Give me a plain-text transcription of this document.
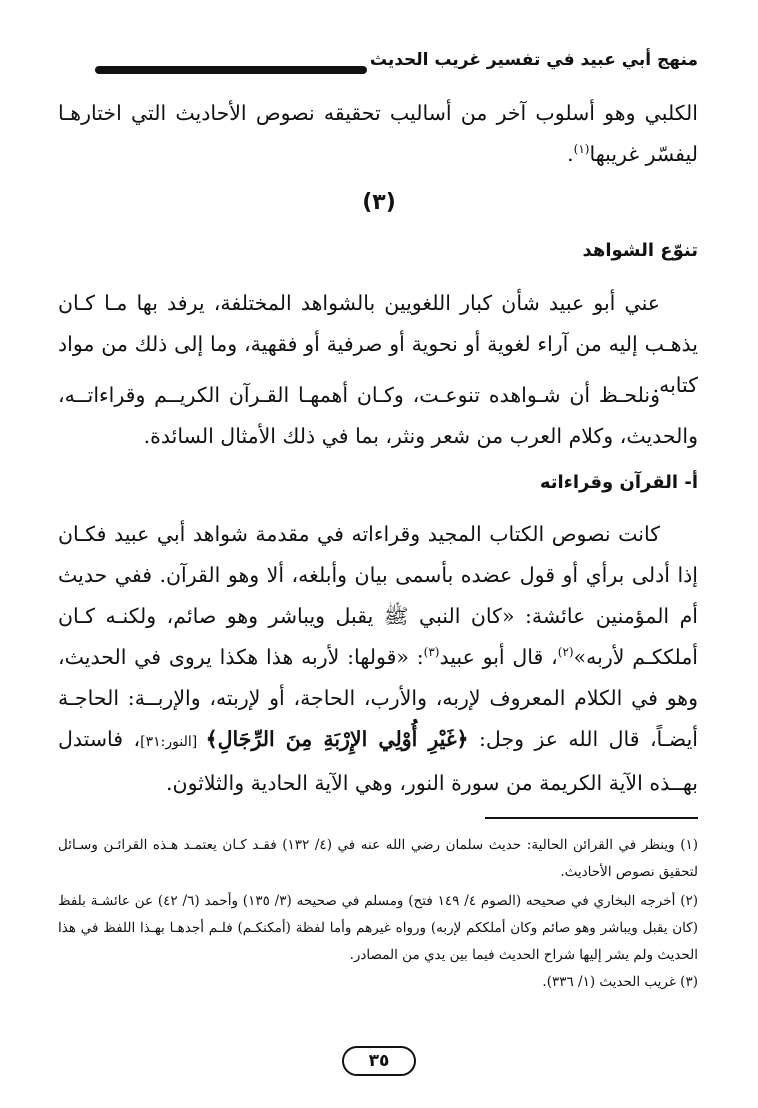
منهج أبي عبيد في تفسير غريب الحديث

الكلبي وهو أسلوب آخر من أساليب تحقيقه نصوص الأحاديث التي اختارهـا ليفسّر غريبها$^{(١)}$.

(٣)
تنوّع الشواهد

عني أبو عبيد شأن كبار اللغويين بالشواهد المختلفة، يرفد بها مـا كـان يذهـب إليه من آراء لغوية أو نحوية أو صرفية أو فقهية، وما إلى ذلك من مواد كتابه.

ونلحـظ أن شـواهده تنوعـت، وكـان أهمهـا القـرآن الكريــم وقراءاتــه، والحديث، وكلام العرب من شعر ونثر، بما في ذلك الأمثال السائدة.

أ- القرآن وقراءاته

كانت نصوص الكتاب المجيد وقراءاته في مقدمة شواهد أبي عبيد فكـان إذا أدلى برأي أو قول عضده بأسمى بيان وأبلغه، ألا وهو القرآن. ففي حديث أم المؤمنين عائشة: «كان النبي ﷺ يقبل ويباشر وهو صائم، ولكنـه كـان أملككـم لأربه»$^{(٢)}$، قال أبو عبيد$^{(٣)}$: «قولها: لأربه هذا هكذا يروى في الحديث، وهو في الكلام المعروف لإربه، والأرب، الحاجة، أو لإربته، والإربــة: الحاجـة أيضـاً، قال الله عز وجل: ﴿غَيْرِ أُوْلِي الإِرْبَةِ مِنَ الرِّجَالِ﴾ [النور:٣١]، فاستدل بهــذه الآية الكريمة من سورة النور، وهي الآية الحادية والثلاثون.

(١) وينظر في القرائن الحالية: حديث سلمان رضي الله عنه في (٤/ ١٣٢) فقـد كـان يعتمـد هـذه القرائـن وسـائل لتحقيق نصوص الأحاديث.

(٢) أخرجه البخاري في صحيحه (الصوم ٤/ ١٤٩ فتح) ومسلم في صحيحه (٣/ ١٣٥) وأحمد (٦/ ٤٢) عن عائشـة بلفظ (كان يقبل ويباشر وهو صائم وكان أملككم لإربه) ورواه غيرهم وأما لفظة (أمكنكـم) فلـم أجدهـا بهـذا اللفظ في هذا الحديث ولم يشر إليها شراح الحديث فيما بين يدي من المصادر.

(٣) غريب الحديث (١/ ٣٣٦).

٣٥
